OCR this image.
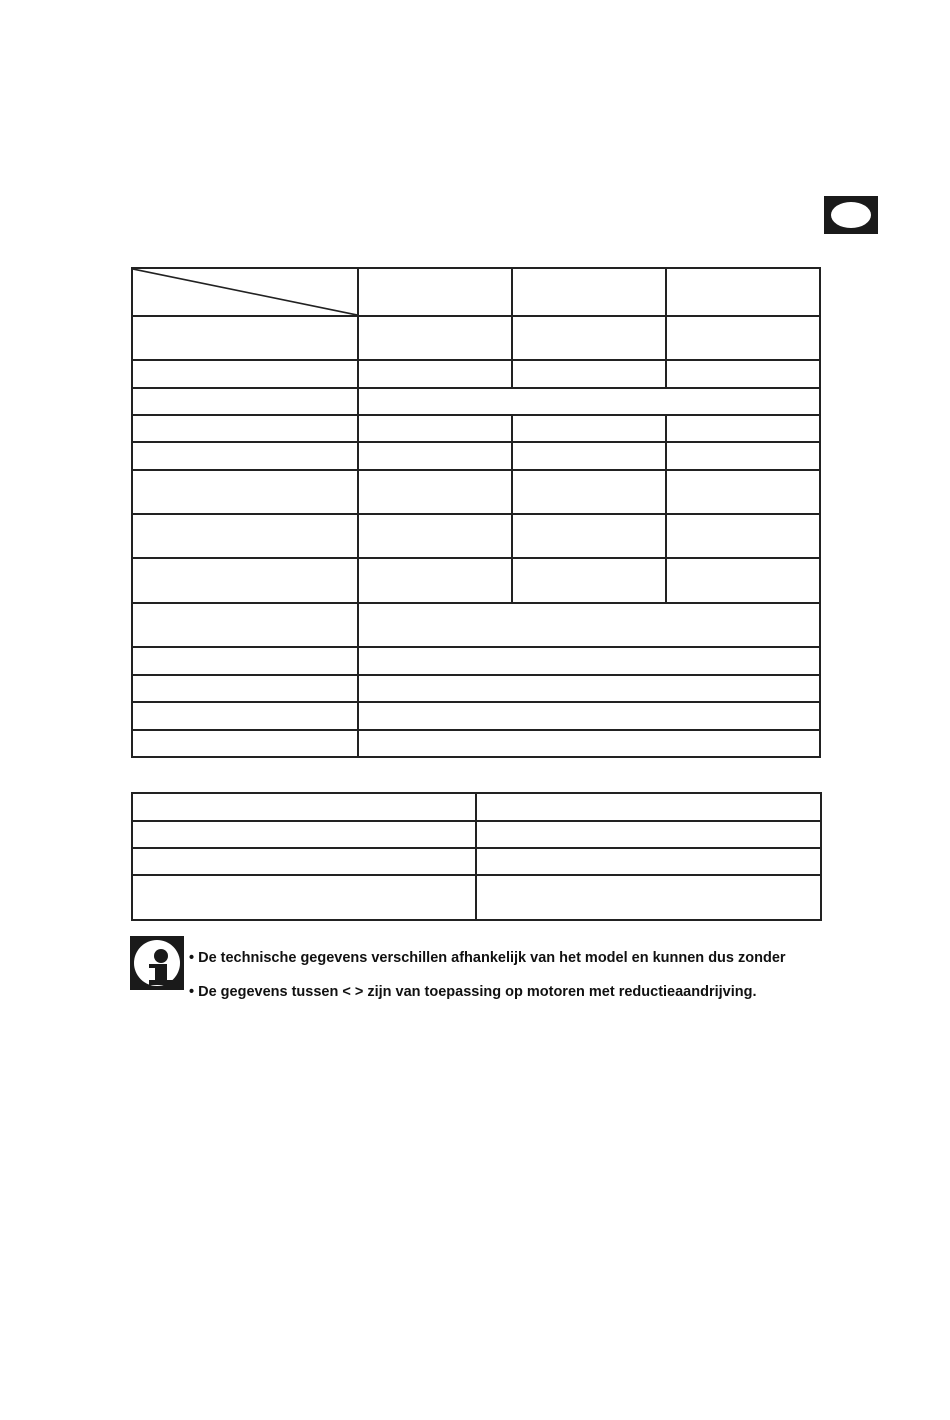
• De technische gegevens verschillen afhankelijk van het model en kunnen dus zonder
• De gegevens tussen < > zijn van toepassing op motoren met reductieaandrijving.
